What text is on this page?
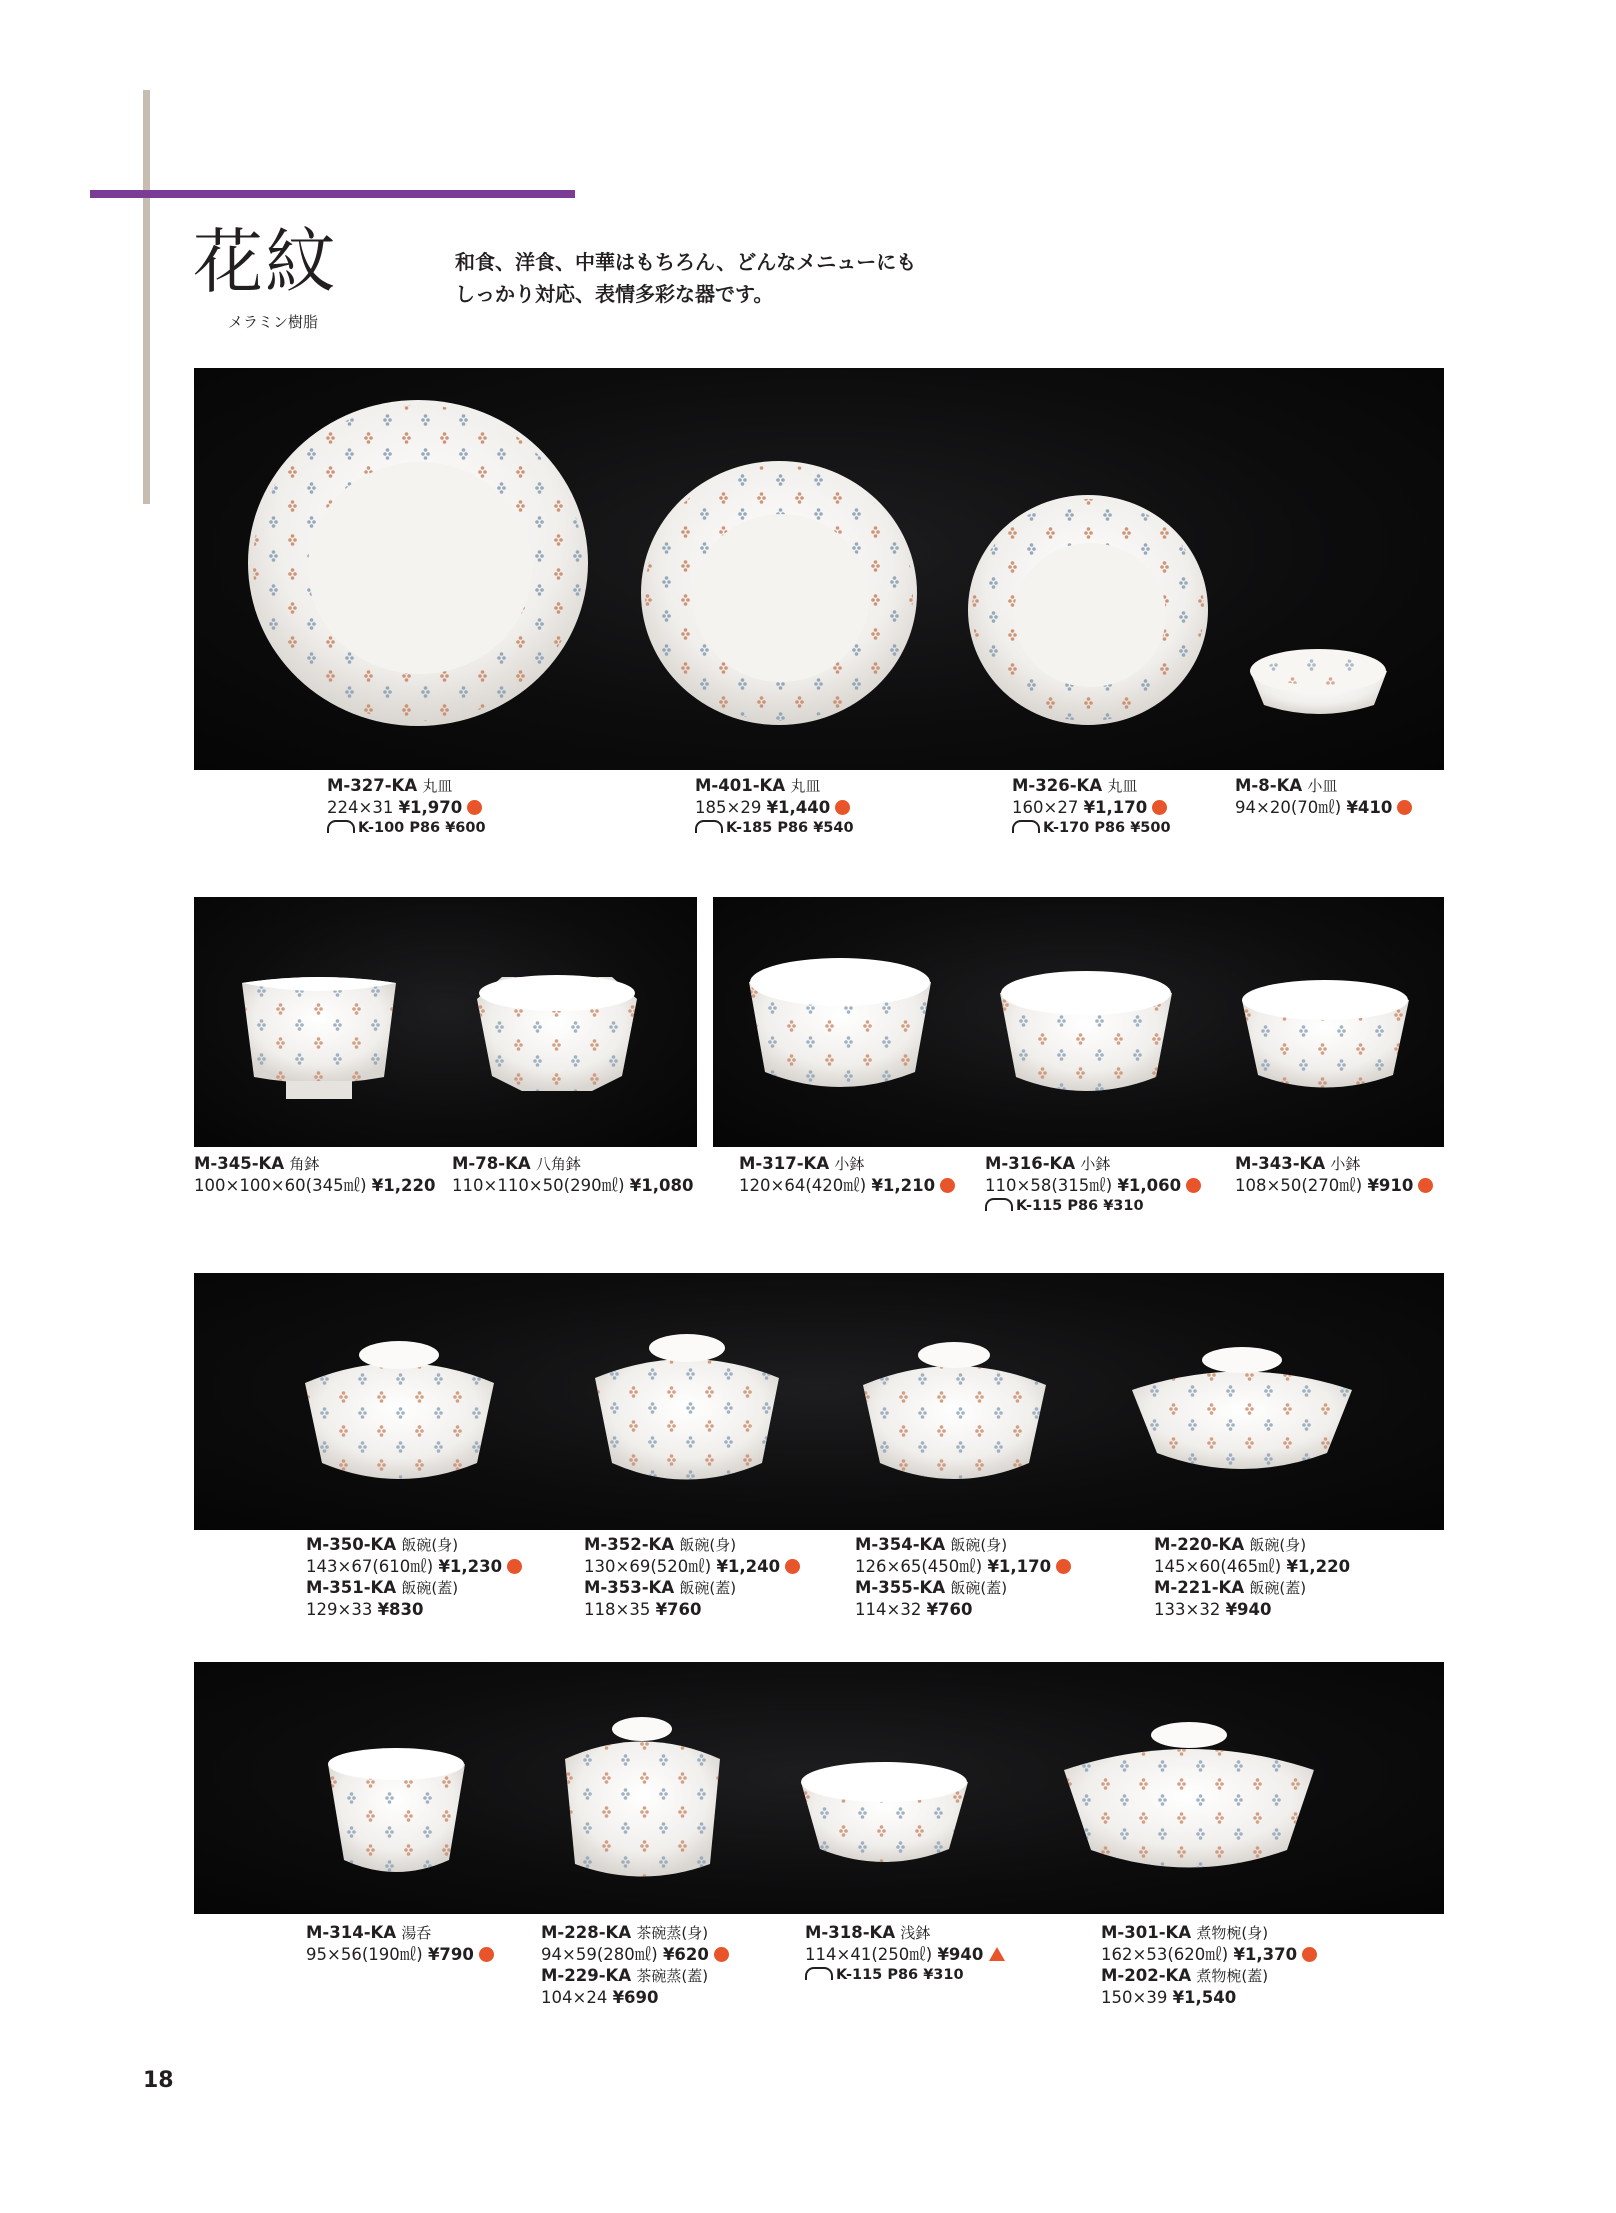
花紋
メラミン樹脂
和食、洋食、中華はもちろん、どんなメニューにも
しっかり対応、表情多彩な器です。
M-327-KA 丸皿
224×31 ¥1,970
K-100 P86 ¥600
M-401-KA 丸皿
185×29 ¥1,440
K-185 P86 ¥540
M-326-KA 丸皿
160×27 ¥1,170
K-170 P86 ¥500
M-8-KA 小皿
94×20(70㎖) ¥410
M-345-KA 角鉢
100×100×60(345㎖) ¥1,220
M-78-KA 八角鉢
110×110×50(290㎖) ¥1,080
M-317-KA 小鉢
120×64(420㎖) ¥1,210
M-316-KA 小鉢
110×58(315㎖) ¥1,060
K-115 P86 ¥310
M-343-KA 小鉢
108×50(270㎖) ¥910
M-350-KA 飯碗(身)
143×67(610㎖) ¥1,230
M-351-KA 飯碗(蓋)
129×33 ¥830
M-352-KA 飯碗(身)
130×69(520㎖) ¥1,240
M-353-KA 飯碗(蓋)
118×35 ¥760
M-354-KA 飯碗(身)
126×65(450㎖) ¥1,170
M-355-KA 飯碗(蓋)
114×32 ¥760
M-220-KA 飯碗(身)
145×60(465㎖) ¥1,220
M-221-KA 飯碗(蓋)
133×32 ¥940
M-314-KA 湯呑
95×56(190㎖) ¥790
M-228-KA 茶碗蒸(身)
94×59(280㎖) ¥620
M-229-KA 茶碗蒸(蓋)
104×24 ¥690
M-318-KA 浅鉢
114×41(250㎖) ¥940
K-115 P86 ¥310
M-301-KA 煮物椀(身)
162×53(620㎖) ¥1,370
M-202-KA 煮物椀(蓋)
150×39 ¥1,540
18
